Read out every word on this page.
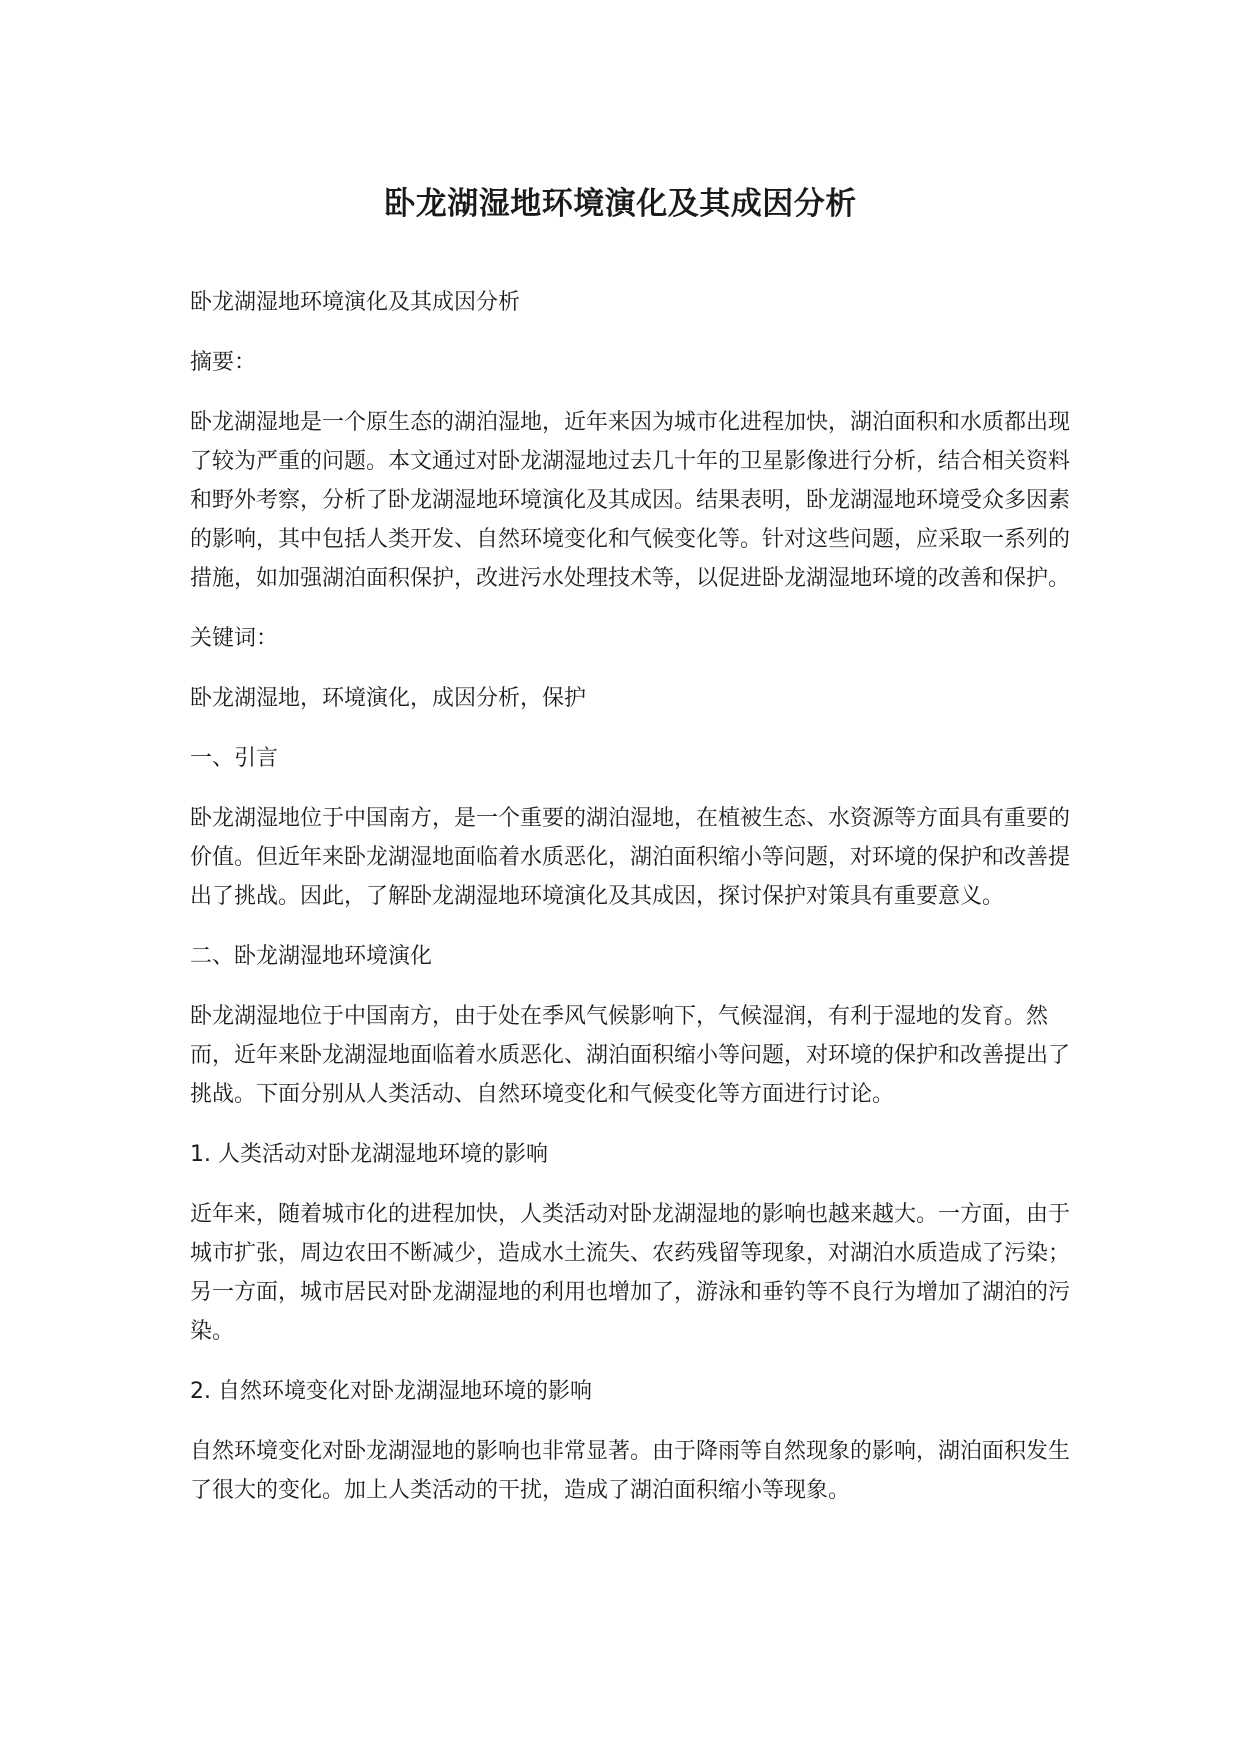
卧龙湖湿地环境演化及其成因分析

卧龙湖湿地环境演化及其成因分析

摘要：

卧龙湖湿地是一个原生态的湖泊湿地，近年来因为城市化进程加快，湖泊面积和水质都出现了较为严重的问题。本文通过对卧龙湖湿地过去几十年的卫星影像进行分析，结合相关资料和野外考察，分析了卧龙湖湿地环境演化及其成因。结果表明，卧龙湖湿地环境受众多因素的影响，其中包括人类开发、自然环境变化和气候变化等。针对这些问题，应采取一系列的措施，如加强湖泊面积保护，改进污水处理技术等，以促进卧龙湖湿地环境的改善和保护。

关键词：

卧龙湖湿地，环境演化，成因分析，保护

一、引言

卧龙湖湿地位于中国南方，是一个重要的湖泊湿地，在植被生态、水资源等方面具有重要的价值。但近年来卧龙湖湿地面临着水质恶化，湖泊面积缩小等问题，对环境的保护和改善提出了挑战。因此，了解卧龙湖湿地环境演化及其成因，探讨保护对策具有重要意义。

二、卧龙湖湿地环境演化

卧龙湖湿地位于中国南方，由于处在季风气候影响下，气候湿润，有利于湿地的发育。然而，近年来卧龙湖湿地面临着水质恶化、湖泊面积缩小等问题，对环境的保护和改善提出了挑战。下面分别从人类活动、自然环境变化和气候变化等方面进行讨论。

1. 人类活动对卧龙湖湿地环境的影响

近年来，随着城市化的进程加快，人类活动对卧龙湖湿地的影响也越来越大。一方面，由于城市扩张，周边农田不断减少，造成水土流失、农药残留等现象，对湖泊水质造成了污染；另一方面，城市居民对卧龙湖湿地的利用也增加了，游泳和垂钓等不良行为增加了湖泊的污染。

2. 自然环境变化对卧龙湖湿地环境的影响

自然环境变化对卧龙湖湿地的影响也非常显著。由于降雨等自然现象的影响，湖泊面积发生了很大的变化。加上人类活动的干扰，造成了湖泊面积缩小等现象。
